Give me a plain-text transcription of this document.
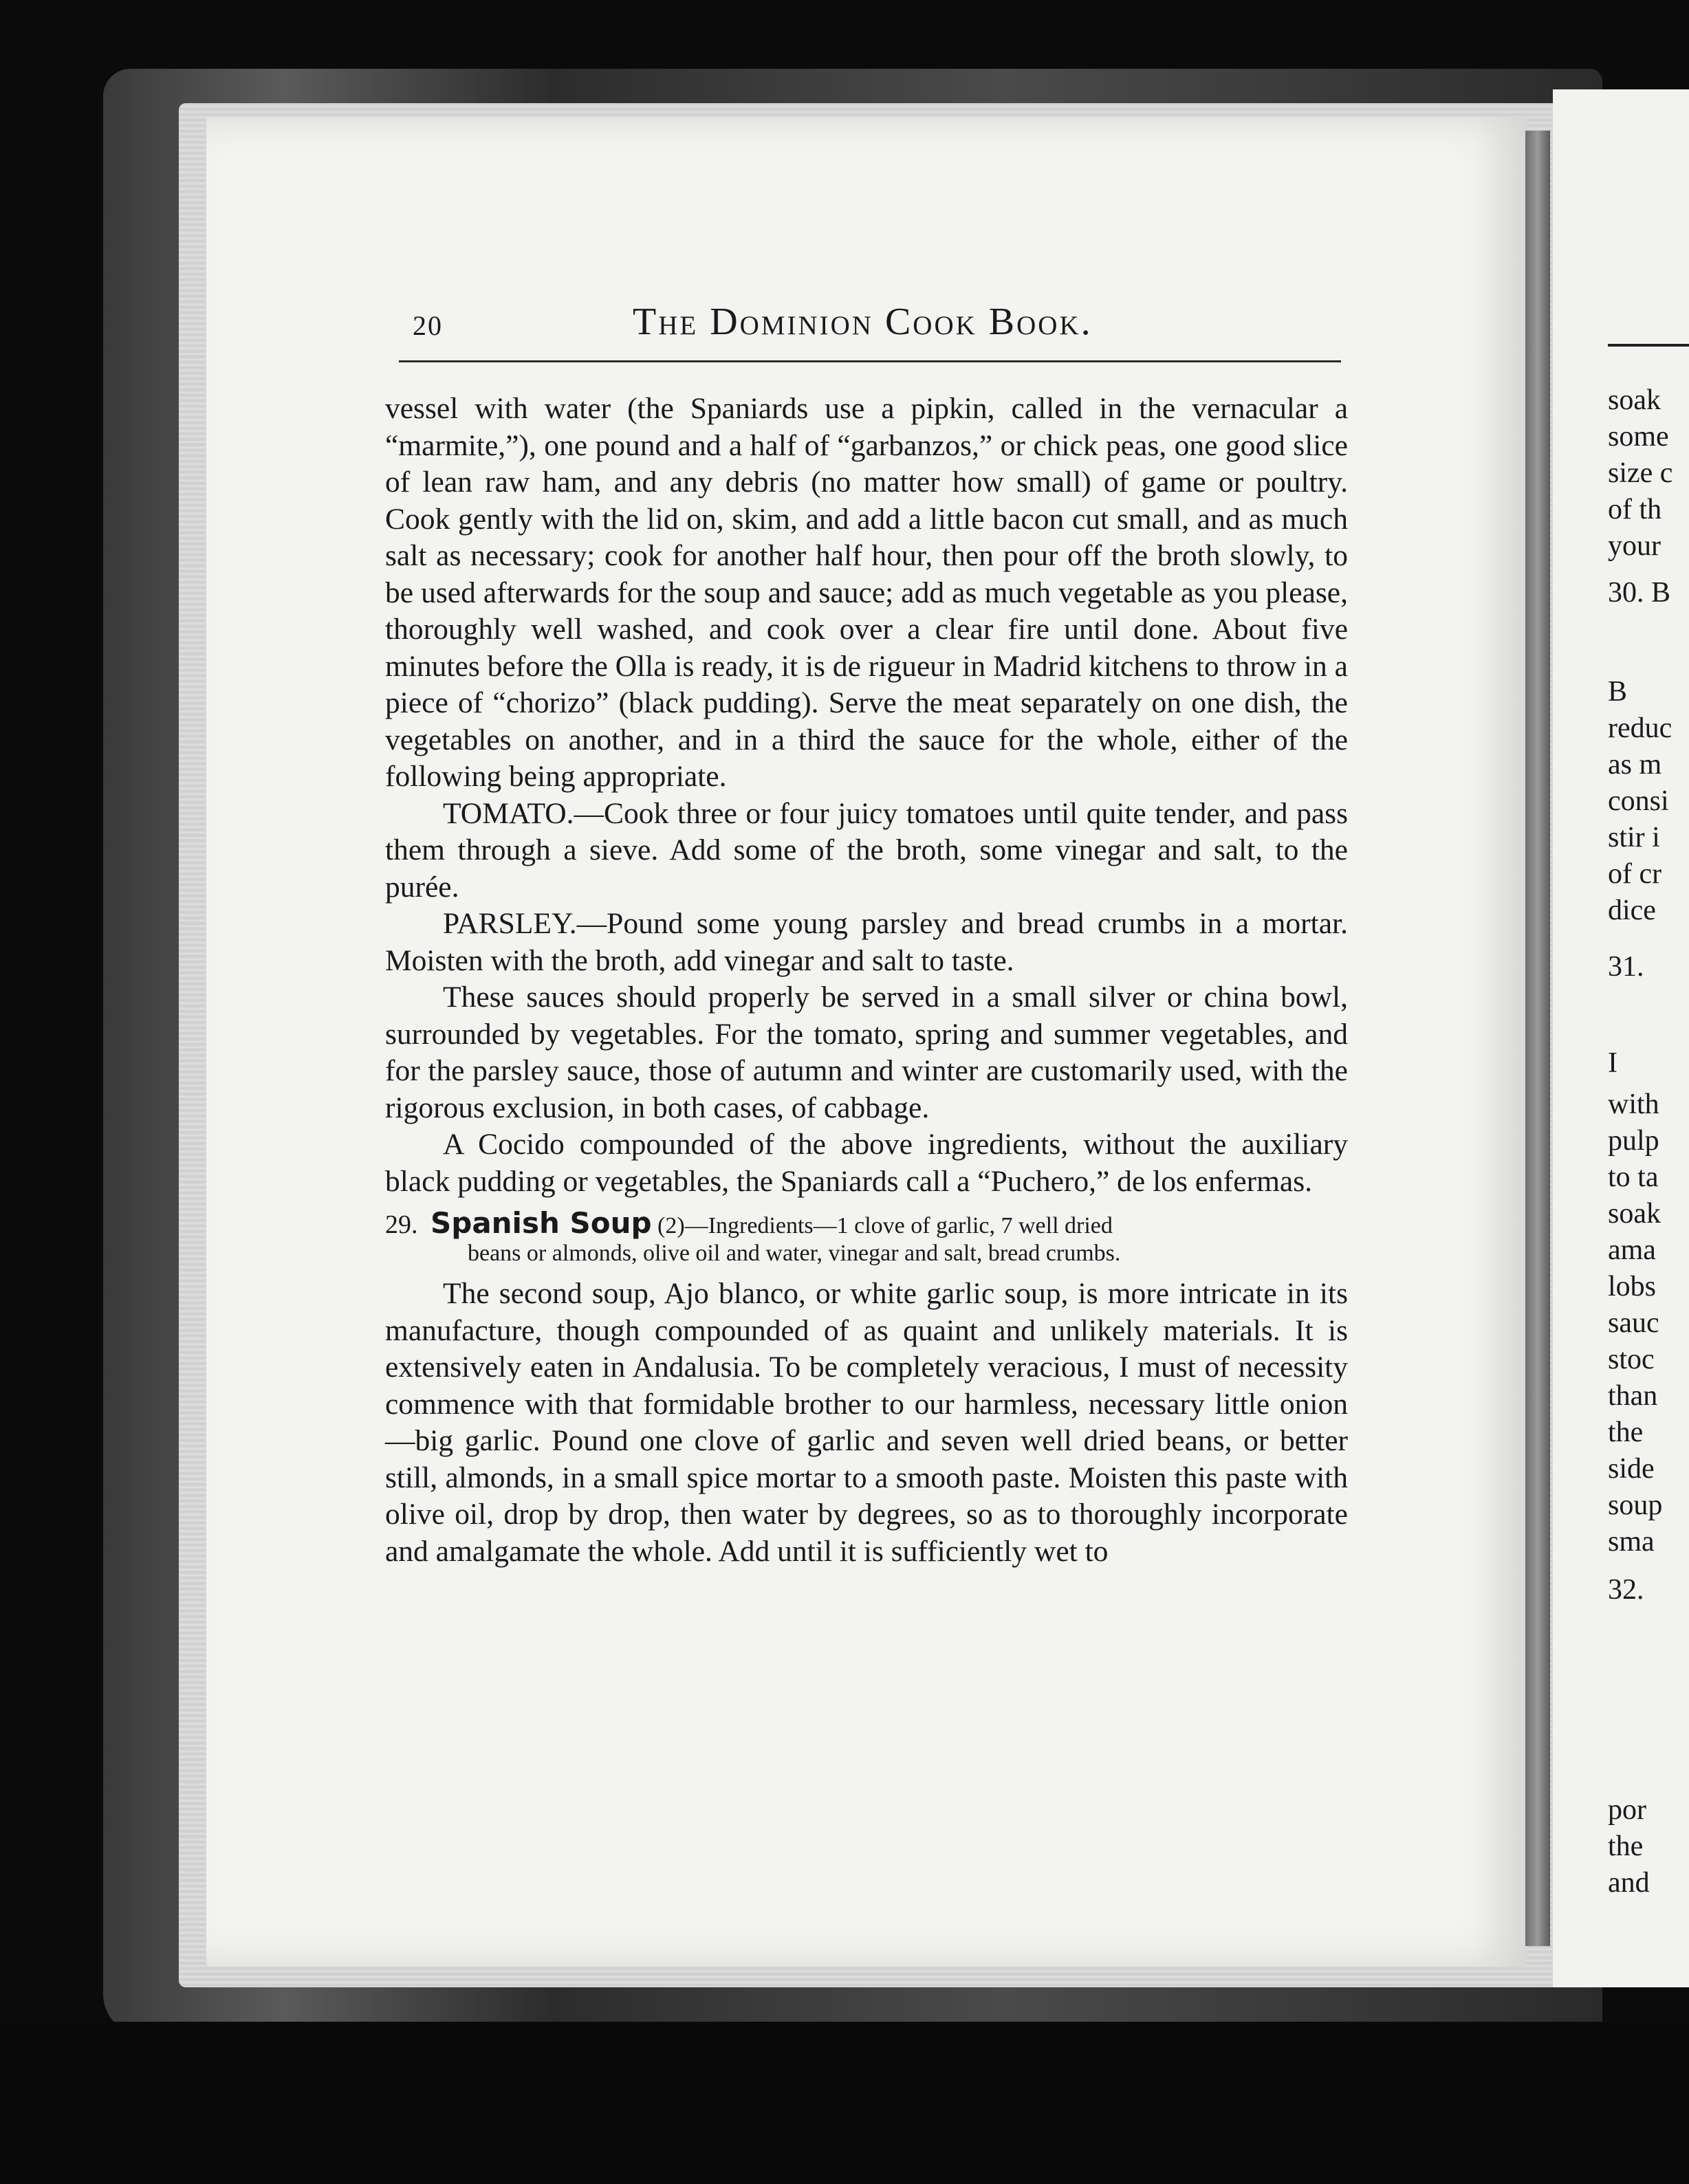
20	The Dominion Cook Book.

vessel with water (the Spaniards use a pipkin, called in the vernacular a “marmite,”), one pound and a half of “garbanzos,” or chick peas, one good slice of lean raw ham, and any debris (no matter how small) of game or poultry. Cook gently with the lid on, skim, and add a little bacon cut small, and as much salt as necessary; cook for another half hour, then pour off the broth slowly, to be used afterwards for the soup and sauce; add as much vegetable as you please, thoroughly well washed, and cook over a clear fire until done. About five minutes before the Olla is ready, it is de rigueur in Madrid kitchens to throw in a piece of “chorizo” (black pudding). Serve the meat separately on one dish, the vegetables on another, and in a third the sauce for the whole, either of the following being appropriate.

TOMATO.—Cook three or four juicy tomatoes until quite tender, and pass them through a sieve. Add some of the broth, some vinegar and salt, to the purée.

PARSLEY.—Pound some young parsley and bread crumbs in a mortar. Moisten with the broth, add vinegar and salt to taste.

These sauces should properly be served in a small silver or china bowl, surrounded by vegetables. For the tomato, spring and summer vegetables, and for the parsley sauce, those of autumn and winter are customarily used, with the rigorous exclusion, in both cases, of cabbage.

A Cocido compounded of the above ingredients, without the auxiliary black pudding or vegetables, the Spaniards call a “Puchero,” de los enfermas.

29. Spanish Soup (2)—Ingredients—1 clove of garlic, 7 well dried
beans or almonds, olive oil and water, vinegar and salt, bread crumbs.

The second soup, Ajo blanco, or white garlic soup, is more intricate in its manufacture, though compounded of as quaint and unlikely materials. It is extensively eaten in Andalusia. To be completely veracious, I must of necessity commence with that formidable brother to our harmless, necessary little onion—big garlic. Pound one clove of garlic and seven well dried beans, or better still, almonds, in a small spice mortar to a smooth paste. Moisten this paste with olive oil, drop by drop, then water by degrees, so as to thoroughly incorporate and amalgamate the whole. Add until it is sufficiently wet to

soak
some
size c
of th
your
30. B
B
reduc
as m
consi
stir i
of cr
dice
31.
I
with
pulp
to ta
soak
ama
lobs
sauc
stoc
than
the
side
soup
sma
32.
por
the
and
